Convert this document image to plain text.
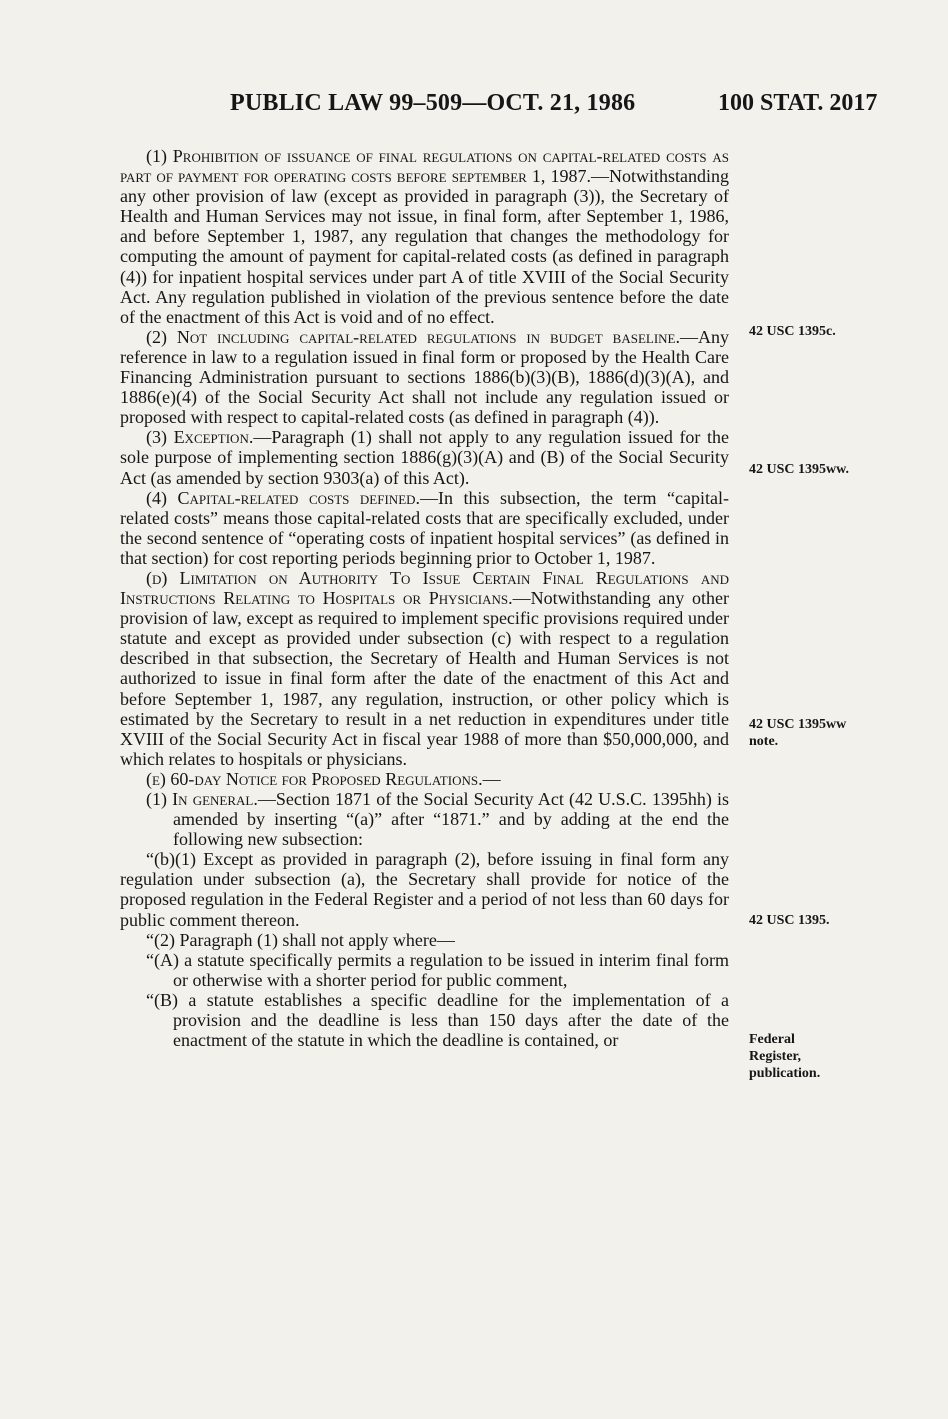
PUBLIC LAW 99–509—OCT. 21, 1986	100 STAT. 2017

(1) Prohibition of issuance of final regulations on capital-related costs as part of payment for operating costs before september 1, 1987.—Notwithstanding any other provision of law (except as provided in paragraph (3)), the Secretary of Health and Human Services may not issue, in final form, after September 1, 1986, and before September 1, 1987, any regulation that changes the methodology for computing the amount of payment for capital-related costs (as defined in paragraph (4)) for inpatient hospital services under part A of title XVIII of the Social Security Act. Any regulation published in violation of the previous sentence before the date of the enactment of this Act is void and of no effect.

(2) Not including capital-related regulations in budget baseline.—Any reference in law to a regulation issued in final form or proposed by the Health Care Financing Administration pursuant to sections 1886(b)(3)(B), 1886(d)(3)(A), and 1886(e)(4) of the Social Security Act shall not include any regulation issued or proposed with respect to capital-related costs (as defined in paragraph (4)).

(3) Exception.—Paragraph (1) shall not apply to any regulation issued for the sole purpose of implementing section 1886(g)(3)(A) and (B) of the Social Security Act (as amended by section 9303(a) of this Act).

(4) Capital-related costs defined.—In this subsection, the term “capital-related costs” means those capital-related costs that are specifically excluded, under the second sentence of “operating costs of inpatient hospital services” (as defined in that section) for cost reporting periods beginning prior to October 1, 1987.

(d) Limitation on Authority To Issue Certain Final Regulations and Instructions Relating to Hospitals or Physicians.—Notwithstanding any other provision of law, except as required to implement specific provisions required under statute and except as provided under subsection (c) with respect to a regulation described in that subsection, the Secretary of Health and Human Services is not authorized to issue in final form after the date of the enactment of this Act and before September 1, 1987, any regulation, instruction, or other policy which is estimated by the Secretary to result in a net reduction in expenditures under title XVIII of the Social Security Act in fiscal year 1988 of more than $50,000,000, and which relates to hospitals or physicians.

(e) 60-day Notice for Proposed Regulations.—

(1) In general.—Section 1871 of the Social Security Act (42 U.S.C. 1395hh) is amended by inserting “(a)” after “1871.” and by adding at the end the following new subsection:

“(b)(1) Except as provided in paragraph (2), before issuing in final form any regulation under subsection (a), the Secretary shall provide for notice of the proposed regulation in the Federal Register and a period of not less than 60 days for public comment thereon.

“(2) Paragraph (1) shall not apply where—

“(A) a statute specifically permits a regulation to be issued in interim final form or otherwise with a shorter period for public comment,

“(B) a statute establishes a specific deadline for the implementation of a provision and the deadline is less than 150 days after the date of the enactment of the statute in which the deadline is contained, or

42 USC 1395c.
42 USC 1395ww.
42 USC 1395ww
note.
42 USC 1395.
Federal
Register,
publication.
